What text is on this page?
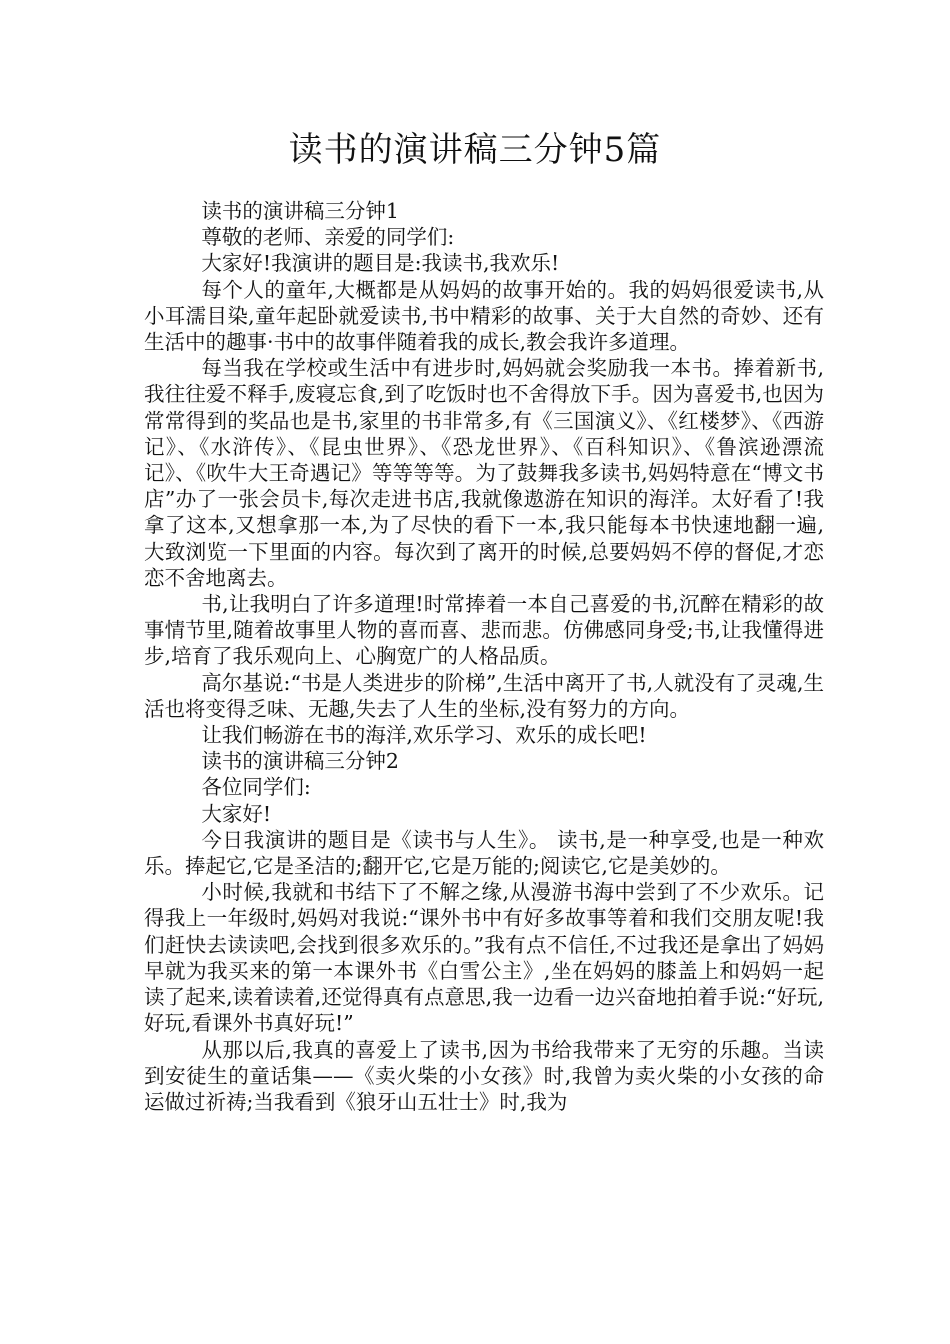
读书的演讲稿三分钟5篇

读书的演讲稿三分钟1

尊敬的老师、亲爱的同学们:

大家好!我演讲的题目是:我读书,我欢乐!

每个人的童年,大概都是从妈妈的故事开始的。我的妈妈很爱读书,从小耳濡目染,童年起卧就爱读书,书中精彩的故事、关于大自然的奇妙、还有生活中的趣事·书中的故事伴随着我的成长,教会我许多道理。

每当我在学校或生活中有进步时,妈妈就会奖励我一本书。捧着新书,我往往爱不释手,废寝忘食,到了吃饭时也不舍得放下手。因为喜爱书,也因为常常得到的奖品也是书,家里的书非常多,有《三国演义》、《红楼梦》、《西游记》、《水浒传》、《昆虫世界》、《恐龙世界》、《百科知识》、《鲁滨逊漂流记》、《吹牛大王奇遇记》等等等等。为了鼓舞我多读书,妈妈特意在“博文书店”办了一张会员卡,每次走进书店,我就像遨游在知识的海洋。太好看了!我拿了这本,又想拿那一本,为了尽快的看下一本,我只能每本书快速地翻一遍,大致浏览一下里面的内容。每次到了离开的时候,总要妈妈不停的督促,才恋恋不舍地离去。

书,让我明白了许多道理!时常捧着一本自己喜爱的书,沉醉在精彩的故事情节里,随着故事里人物的喜而喜、悲而悲。仿佛感同身受;书,让我懂得进步,培育了我乐观向上、心胸宽广的人格品质。

高尔基说:“书是人类进步的阶梯”,生活中离开了书,人就没有了灵魂,生活也将变得乏味、无趣,失去了人生的坐标,没有努力的方向。

让我们畅游在书的海洋,欢乐学习、欢乐的成长吧!

读书的演讲稿三分钟2

各位同学们:

大家好!

今日我演讲的题目是《读书与人生》。 读书,是一种享受,也是一种欢乐。捧起它,它是圣洁的;翻开它,它是万能的;阅读它,它是美妙的。

小时候,我就和书结下了不解之缘,从漫游书海中尝到了不少欢乐。记得我上一年级时,妈妈对我说:“课外书中有好多故事等着和我们交朋友呢!我们赶快去读读吧,会找到很多欢乐的。”我有点不信任,不过我还是拿出了妈妈早就为我买来的第一本课外书《白雪公主》,坐在妈妈的膝盖上和妈妈一起读了起来,读着读着,还觉得真有点意思,我一边看一边兴奋地拍着手说:“好玩,好玩,看课外书真好玩!”

从那以后,我真的喜爱上了读书,因为书给我带来了无穷的乐趣。当读到安徒生的童话集——《卖火柴的小女孩》时,我曾为卖火柴的小女孩的命运做过祈祷;当我看到《狼牙山五壮士》时,我为
